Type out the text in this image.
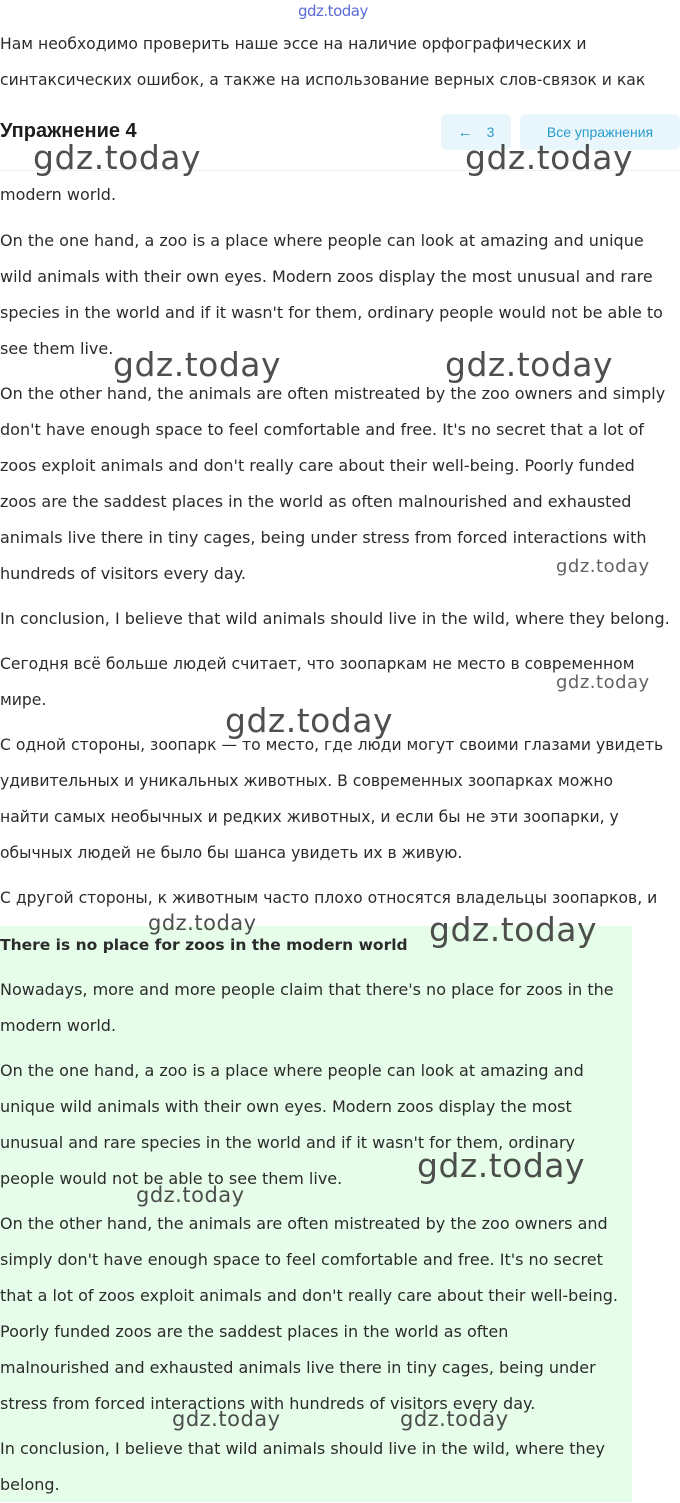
gdz.today
Нам необходимо проверить наше эссе на наличие орфографических и
синтаксических ошибок, а также на использование верных слов-связок и как
Упражнение 4	← 3	Все упражнения
modern world.
On the one hand, a zoo is a place where people can look at amazing and unique
wild animals with their own eyes. Modern zoos display the most unusual and rare
species in the world and if it wasn't for them, ordinary people would not be able to
see them live.
On the other hand, the animals are often mistreated by the zoo owners and simply
don't have enough space to feel comfortable and free. It's no secret that a lot of
zoos exploit animals and don't really care about their well-being. Poorly funded
zoos are the saddest places in the world as often malnourished and exhausted
animals live there in tiny cages, being under stress from forced interactions with
hundreds of visitors every day.
In conclusion, I believe that wild animals should live in the wild, where they belong.
Сегодня всё больше людей считает, что зоопаркам не место в современном
мире.
С одной стороны, зоопарк — то место, где люди могут своими глазами увидеть
удивительных и уникальных животных. В современных зоопарках можно
найти самых необычных и редких животных, и если бы не эти зоопарки, у
обычных людей не было бы шанса увидеть их в живую.
С другой стороны, к животным часто плохо относятся владельцы зоопарков, и
There is no place for zoos in the modern world
Nowadays, more and more people claim that there's no place for zoos in the
modern world.
On the one hand, a zoo is a place where people can look at amazing and
unique wild animals with their own eyes. Modern zoos display the most
unusual and rare species in the world and if it wasn't for them, ordinary
people would not be able to see them live.
On the other hand, the animals are often mistreated by the zoo owners and
simply don't have enough space to feel comfortable and free. It's no secret
that a lot of zoos exploit animals and don't really care about their well-being.
Poorly funded zoos are the saddest places in the world as often
malnourished and exhausted animals live there in tiny cages, being under
stress from forced interactions with hundreds of visitors every day.
In conclusion, I believe that wild animals should live in the wild, where they
belong.
gdz.today	gdz.today
gdz.today	gdz.today
gdz.today
gdz.today
gdz.today
gdz.today	gdz.today
gdz.today
gdz.today
gdz.today	gdz.today
